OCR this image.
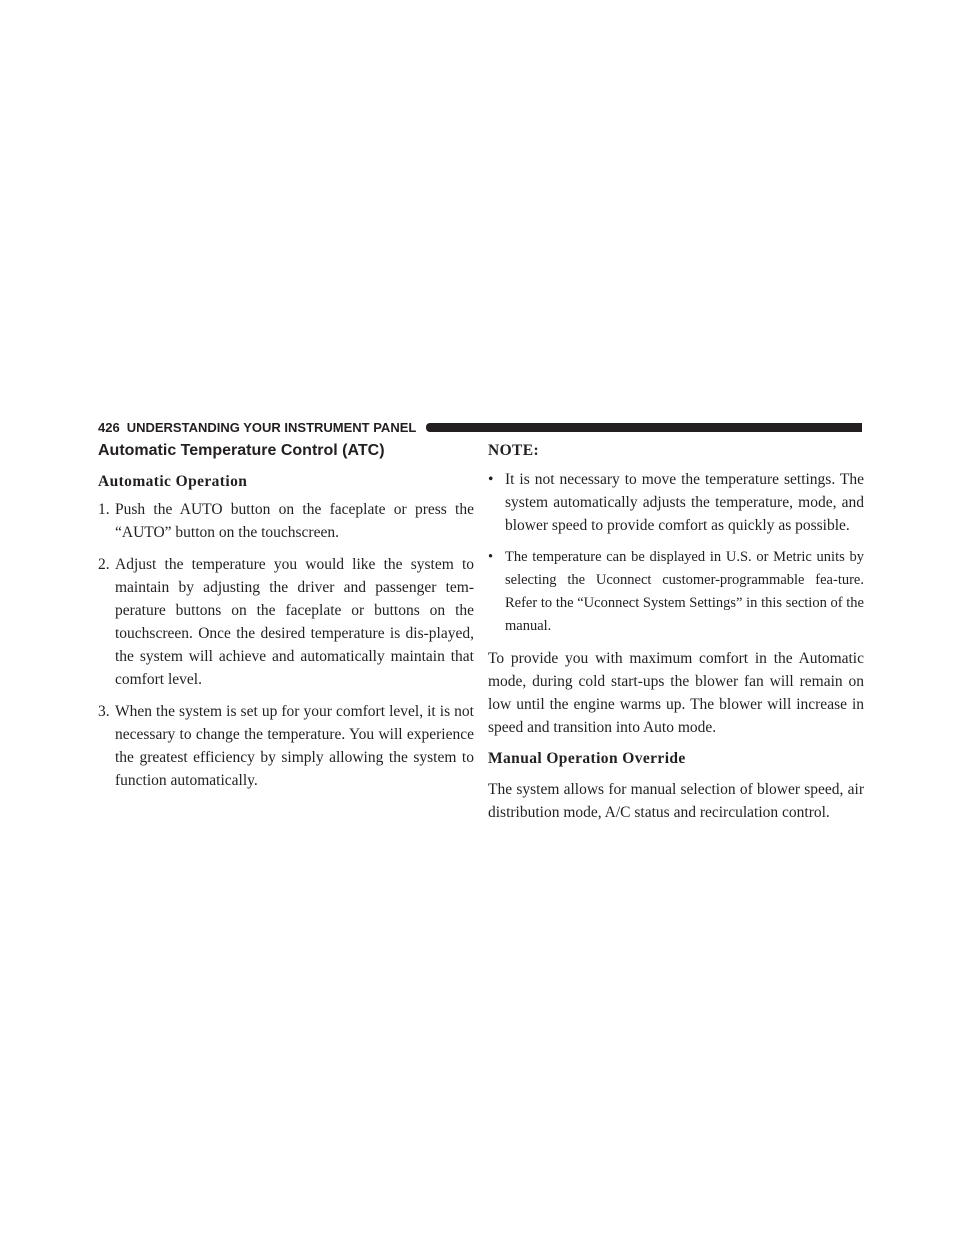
426 UNDERSTANDING YOUR INSTRUMENT PANEL
Automatic Temperature Control (ATC)
Automatic Operation
1. Push the AUTO button on the faceplate or press the “AUTO” button on the touchscreen.
2. Adjust the temperature you would like the system to maintain by adjusting the driver and passenger tem-perature buttons on the faceplate or buttons on the touchscreen. Once the desired temperature is dis-played, the system will achieve and automatically maintain that comfort level.
3. When the system is set up for your comfort level, it is not necessary to change the temperature. You will experience the greatest efficiency by simply allowing the system to function automatically.
NOTE:
• It is not necessary to move the temperature settings. The system automatically adjusts the temperature, mode, and blower speed to provide comfort as quickly as possible.
• The temperature can be displayed in U.S. or Metric units by selecting the Uconnect customer-programmable fea-ture. Refer to the “Uconnect System Settings” in this section of the manual.

To provide you with maximum comfort in the Automatic mode, during cold start-ups the blower fan will remain on low until the engine warms up. The blower will increase in speed and transition into Auto mode.

Manual Operation Override

The system allows for manual selection of blower speed, air distribution mode, A/C status and recirculation control.
